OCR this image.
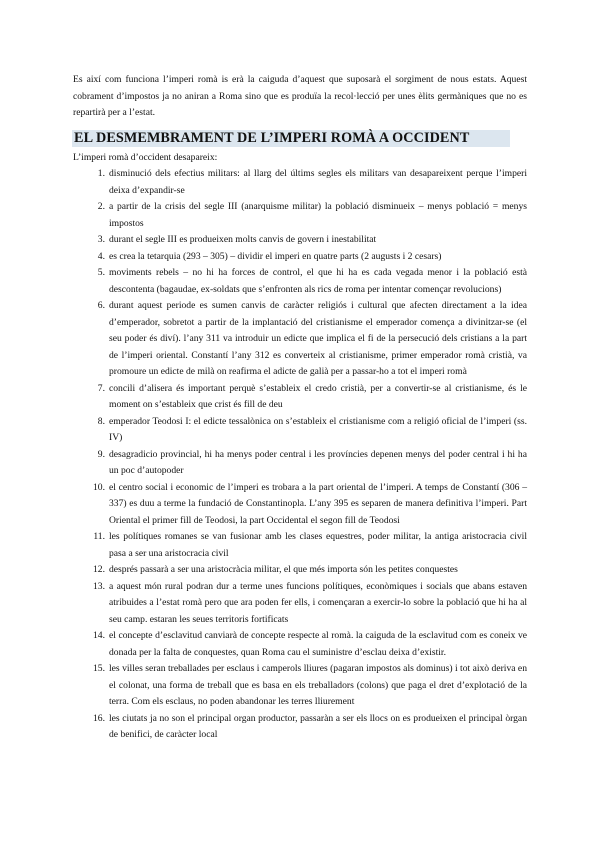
Es així com funciona l’imperi romà is erà la caiguda d’aquest que suposarà el sorgiment de nous estats. Aquest cobrament d’impostos ja no aniran a Roma sino que es produïa la recol·lecció per unes èlits germàniques que no es repartirà per a l’estat.

EL DESMEMBRAMENT DE L’IMPERI ROMÀ A OCCIDENT

L’imperi romà d’occident desapareix:

1. disminució dels efectius militars: al llarg del últims segles els militars van desapareixent perque l’imperi deixa d’expandir-se
2. a partir de la crisis del segle III (anarquisme militar) la població disminueix – menys població = menys impostos
3. durant el segle III es produeixen molts canvis de govern i inestabilitat
4. es crea la tetarquia (293 – 305) – dividir el imperi en quatre parts (2 augusts i 2 cesars)
5. moviments rebels – no hi ha forces de control, el que hi ha es cada vegada menor i la població està descontenta (bagaudae, ex-soldats que s’enfronten als rics de roma per intentar començar revolucions)
6. durant aquest periode es sumen canvis de caràcter religiós i cultural que afecten directament a la idea d’emperador, sobretot a partir de la implantació del cristianisme el emperador comença a divinitzar-se (el seu poder és diví). l’any 311 va introduir un edicte que implica el fi de la persecució dels cristians a la part de l’imperi oriental. Constantí l’any 312 es converteix al cristianisme, primer emperador romà cristià, va promoure un edicte de milà on reafirma el adicte de galià per a passar-ho a tot el imperi romà
7. concili d’alisera és important perquè s’estableix el credo cristià, per a convertir-se al cristianisme, és le moment on s’estableix que crist és fill de deu
8. emperador Teodosi I: el edicte tessalònica on s’estableix el cristianisme com a religió oficial de l’imperi (ss. IV)
9. desagradicio provincial, hi ha menys poder central i les províncies depenen menys del poder central i hi ha un poc d’autopoder
10. el centro social i economic de l’imperi es trobara a la part oriental de l’imperi. A temps de Constantí (306 – 337) es duu a terme la fundació de Constantinopla. L’any 395 es separen de manera definitiva l’imperi. Part Oriental el primer fill de Teodosi, la part Occidental el segon fill de Teodosi
11. les polítiques romanes se van fusionar amb les clases equestres, poder militar, la antiga aristocracia civil pasa a ser una aristocracia civil
12. després passarà a ser una aristocràcia militar, el que més importa són les petites conquestes
13. a aquest món rural podran dur a terme unes funcions polítiques, econòmiques i socials que abans estaven atribuides a l’estat romà pero que ara poden fer ells, i començaran a exercir-lo sobre la població que hi ha al seu camp. estaran les seues territoris fortificats
14. el concepte d’esclavitud canviarà de concepte respecte al romà. la caiguda de la esclavitud com es coneix ve donada per la falta de conquestes, quan Roma cau el suministre d’esclau deixa d’existir.
15. les villes seran treballades per esclaus i camperols lliures (pagaran impostos als dominus) i tot això deriva en el colonat, una forma de treball que es basa en els treballadors (colons) que paga el dret d’explotació de la terra. Com els esclaus, no poden abandonar les terres lliurement
16. les ciutats ja no son el principal organ productor, passaràn a ser els llocs on es produeixen el principal òrgan de benifici, de caràcter local
